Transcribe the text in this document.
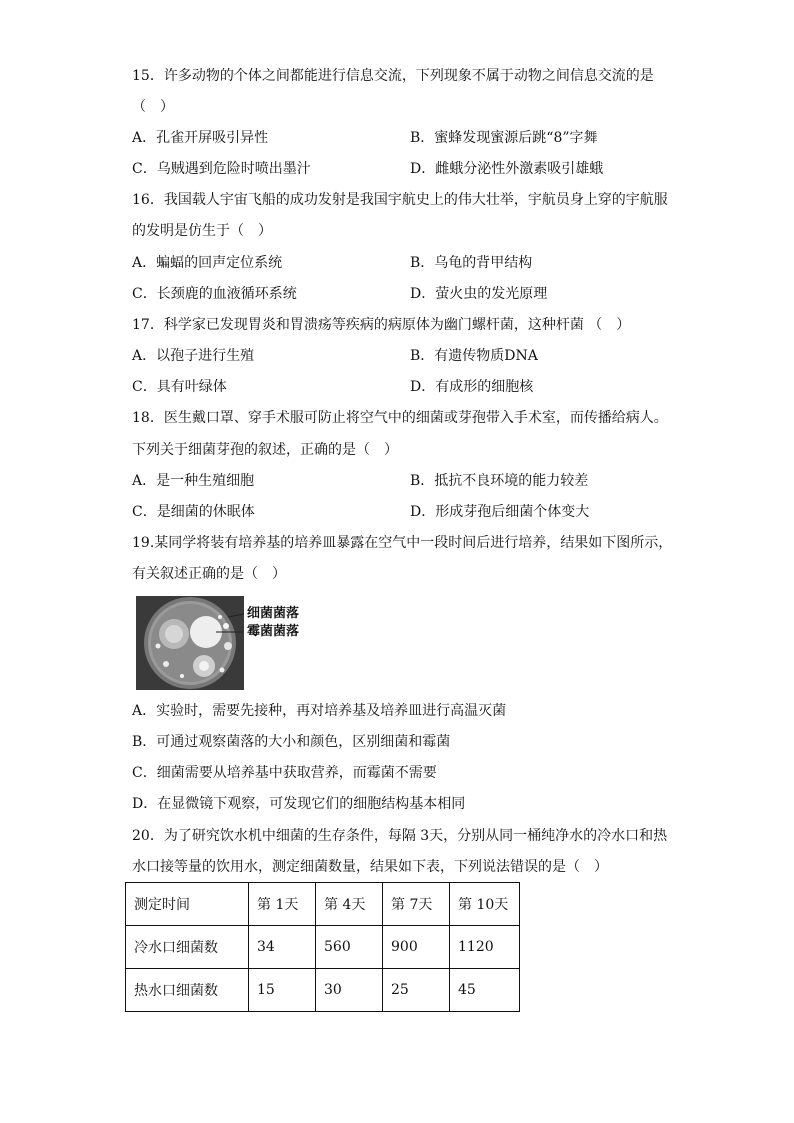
15．许多动物的个体之间都能进行信息交流，下列现象不属于动物之间信息交流的是
（　）
A．孔雀开屏吸引异性	B．蜜蜂发现蜜源后跳“8”字舞
C．乌贼遇到危险时喷出墨汁	D．雌蛾分泌性外激素吸引雄蛾
16．我国载人宇宙飞船的成功发射是我国宇航史上的伟大壮举，宇航员身上穿的宇航服
的发明是仿生于（　）
A．蝙蝠的回声定位系统	B．乌龟的背甲结构
C．长颈鹿的血液循环系统	D．萤火虫的发光原理
17．科学家已发现胃炎和胃溃疡等疾病的病原体为幽门螺杆菌，这种杆菌 （　）
A．以孢子进行生殖	B．有遗传物质DNA
C．具有叶绿体	D．有成形的细胞核
18．医生戴口罩、穿手术服可防止将空气中的细菌或芽孢带入手术室，而传播给病人。
下列关于细菌芽孢的叙述，正确的是（　）
A．是一种生殖细胞	B．抵抗不良环境的能力较差
C．是细菌的休眠体	D．形成芽孢后细菌个体变大
19.某同学将装有培养基的培养皿暴露在空气中一段时间后进行培养，结果如下图所示，
有关叙述正确的是（　）
细菌菌落
霉菌菌落
A．实验时，需要先接种，再对培养基及培养皿进行高温灭菌
B．可通过观察菌落的大小和颜色，区别细菌和霉菌
C．细菌需要从培养基中获取营养，而霉菌不需要
D．在显微镜下观察，可发现它们的细胞结构基本相同
20．为了研究饮水机中细菌的生存条件，每隔 3天，分别从同一桶纯净水的冷水口和热
水口接等量的饮用水，测定细菌数量，结果如下表，下列说法错误的是（　）
测定时间	第 1天	第 4天	第 7天	第 10天
冷水口细菌数	34	560	900	1120
热水口细菌数	15	30	25	45
